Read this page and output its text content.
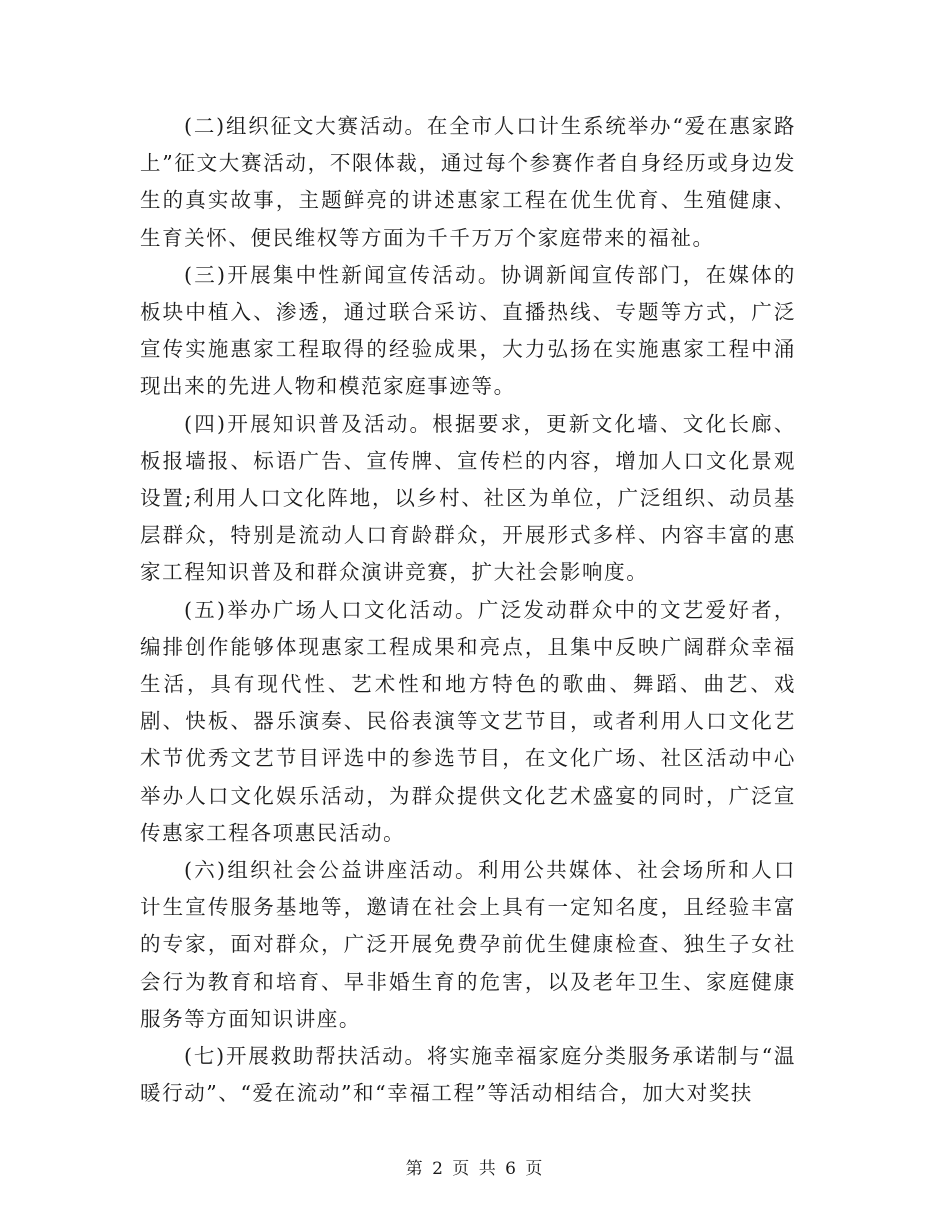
(二)组织征文大赛活动。在全市人口计生系统举办“爱在惠家路上”征文大赛活动，不限体裁，通过每个参赛作者自身经历或身边发生的真实故事，主题鲜亮的讲述惠家工程在优生优育、生殖健康、生育关怀、便民维权等方面为千千万万个家庭带来的福祉。

(三)开展集中性新闻宣传活动。协调新闻宣传部门，在媒体的板块中植入、渗透，通过联合采访、直播热线、专题等方式，广泛宣传实施惠家工程取得的经验成果，大力弘扬在实施惠家工程中涌现出来的先进人物和模范家庭事迹等。

(四)开展知识普及活动。根据要求，更新文化墙、文化长廊、板报墙报、标语广告、宣传牌、宣传栏的内容，增加人口文化景观设置;利用人口文化阵地，以乡村、社区为单位，广泛组织、动员基层群众，特别是流动人口育龄群众，开展形式多样、内容丰富的惠家工程知识普及和群众演讲竞赛，扩大社会影响度。

(五)举办广场人口文化活动。广泛发动群众中的文艺爱好者，编排创作能够体现惠家工程成果和亮点，且集中反映广阔群众幸福生活，具有现代性、艺术性和地方特色的歌曲、舞蹈、曲艺、戏剧、快板、器乐演奏、民俗表演等文艺节目，或者利用人口文化艺术节优秀文艺节目评选中的参选节目，在文化广场、社区活动中心举办人口文化娱乐活动，为群众提供文化艺术盛宴的同时，广泛宣传惠家工程各项惠民活动。

(六)组织社会公益讲座活动。利用公共媒体、社会场所和人口计生宣传服务基地等，邀请在社会上具有一定知名度，且经验丰富的专家，面对群众，广泛开展免费孕前优生健康检查、独生子女社会行为教育和培育、早非婚生育的危害，以及老年卫生、家庭健康服务等方面知识讲座。

(七)开展救助帮扶活动。将实施幸福家庭分类服务承诺制与“温暖行动”、“爱在流动”和“幸福工程”等活动相结合，加大对奖扶

第 2 页 共 6 页
